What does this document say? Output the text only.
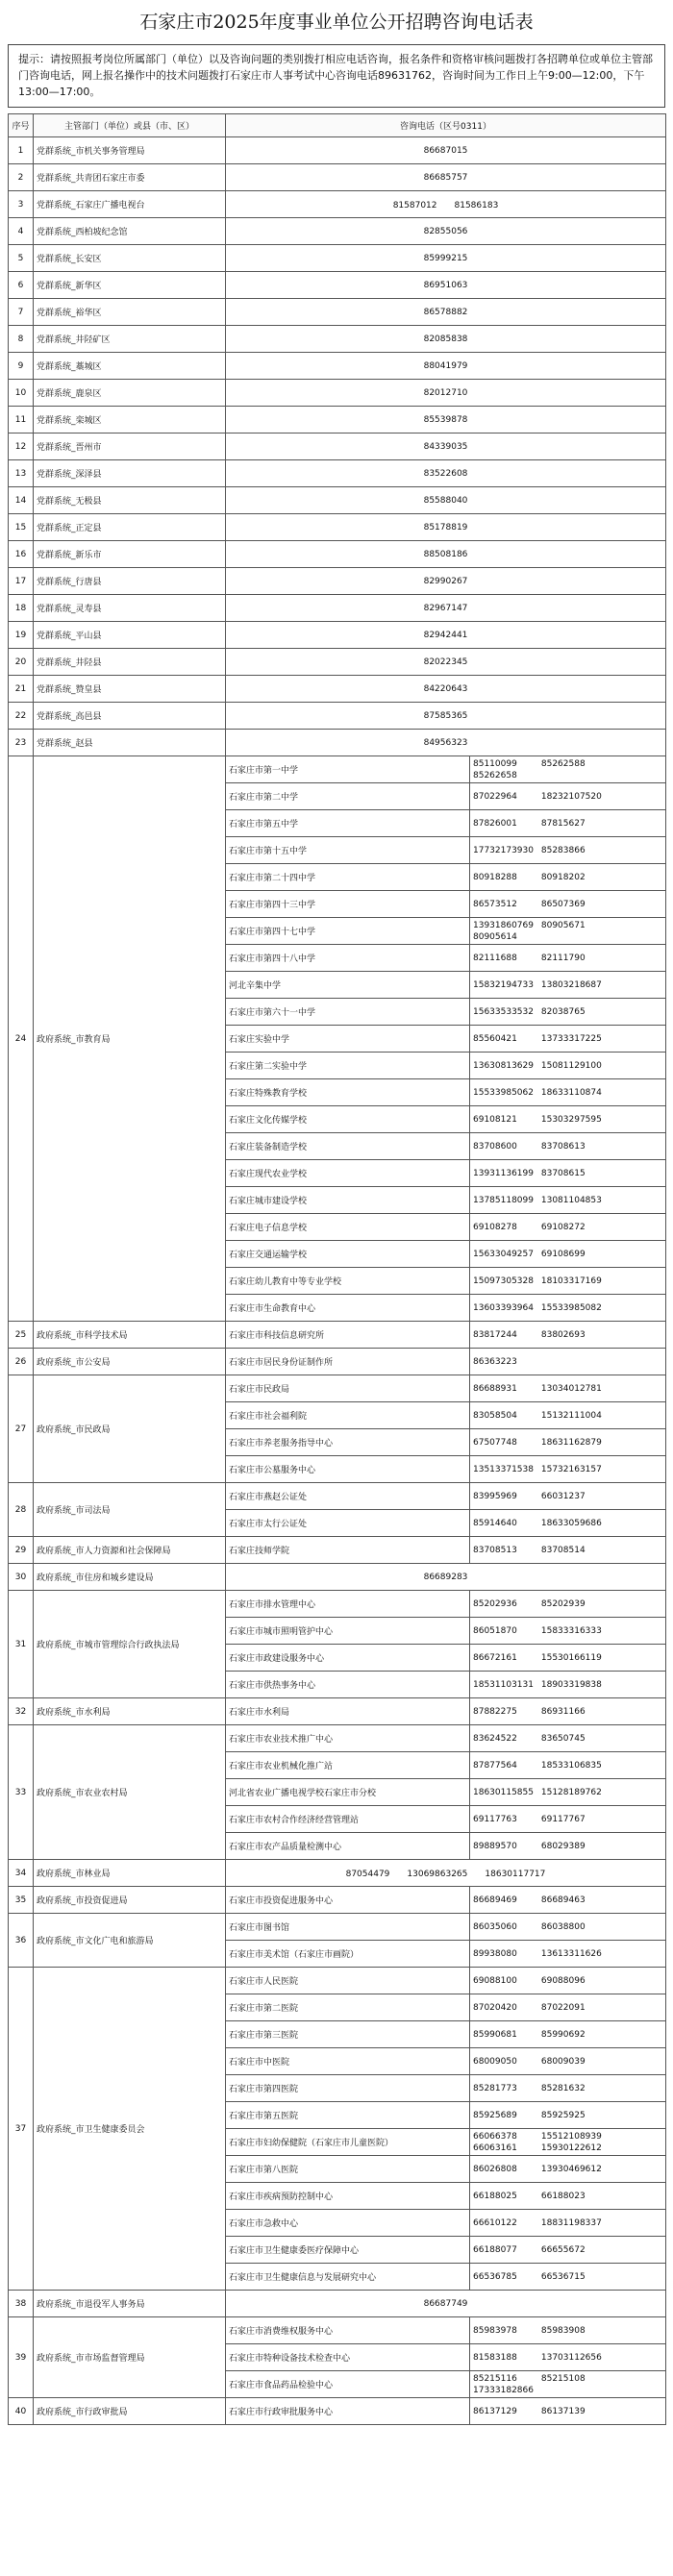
石家庄市2025年度事业单位公开招聘咨询电话表
提示：请按照报考岗位所属部门（单位）以及咨询问题的类别拨打相应电话咨询，报名条件和资格审核问题拨打各招聘单位或单位主管部门咨询电话，网上报名操作中的技术问题拨打石家庄市人事考试中心咨询电话89631762，咨询时间为工作日上午9:00—12:00，下午13:00—17:00。
序号	主管部门（单位）或县（市、区）	咨询电话（区号0311）	
1	党群系统_市机关事务管理局	86687015	
2	党群系统_共青团石家庄市委	86685757	
3	党群系统_石家庄广播电视台	81587012　　81586183	
4	党群系统_西柏坡纪念馆	82855056	
5	党群系统_长安区	85999215	
6	党群系统_新华区	86951063	
7	党群系统_裕华区	86578882	
8	党群系统_井陉矿区	82085838	
9	党群系统_藁城区	88041979	
10	党群系统_鹿泉区	82012710	
11	党群系统_栾城区	85539878	
12	党群系统_晋州市	84339035	
13	党群系统_深泽县	83522608	
14	党群系统_无极县	85588040	
15	党群系统_正定县	85178819	
16	党群系统_新乐市	88508186	
17	党群系统_行唐县	82990267	
18	党群系统_灵寿县	82967147	
19	党群系统_平山县	82942441	
20	党群系统_井陉县	82022345	
21	党群系统_赞皇县	84220643	
22	党群系统_高邑县	87585365	
23	党群系统_赵县	84956323	
24	政府系统_市教育局	石家庄市第一中学	85110099 85262588
85262658
		石家庄市第二中学	87022964 18232107520
		石家庄市第五中学	87826001 87815627
		石家庄市第十五中学	17732173930 85283866
		石家庄市第二十四中学	80918288 80918202
		石家庄市第四十三中学	86573512 86507369
		石家庄市第四十七中学	13931860769 80905671
80905614
		石家庄市第四十八中学	82111688 82111790
		河北辛集中学	15832194733 13803218687
		石家庄市第六十一中学	15633533532 82038765
		石家庄实验中学	85560421 13733317225
		石家庄第二实验中学	13630813629 15081129100
		石家庄特殊教育学校	15533985062 18633110874
		石家庄文化传媒学校	69108121 15303297595
		石家庄装备制造学校	83708600 83708613
		石家庄现代农业学校	13931136199 83708615
		石家庄城市建设学校	13785118099 13081104853
		石家庄电子信息学校	69108278 69108272
		石家庄交通运输学校	15633049257 69108699
		石家庄幼儿教育中等专业学校	15097305328 18103317169
		石家庄市生命教育中心	13603393964 15533985082
25	政府系统_市科学技术局	石家庄市科技信息研究所	83817244 83802693
26	政府系统_市公安局	石家庄市居民身份证制作所	86363223
27	政府系统_市民政局	石家庄市民政局	86688931 13034012781
		石家庄市社会福利院	83058504 15132111004
		石家庄市养老服务指导中心	67507748 18631162879
		石家庄市公墓服务中心	13513371538 15732163157
28	政府系统_市司法局	石家庄市燕赵公证处	83995969 66031237
		石家庄市太行公证处	85914640 18633059686
29	政府系统_市人力资源和社会保障局	石家庄技师学院	83708513 83708514
30	政府系统_市住房和城乡建设局	86689283	
31	政府系统_市城市管理综合行政执法局	石家庄市排水管理中心	85202936 85202939
		石家庄市城市照明管护中心	86051870 15833316333
		石家庄市政建设服务中心	86672161 15530166119
		石家庄市供热事务中心	18531103131 18903319838
32	政府系统_市水利局	石家庄市水利局	87882275 86931166
33	政府系统_市农业农村局	石家庄市农业技术推广中心	83624522 83650745
		石家庄市农业机械化推广站	87877564 18533106835
		河北省农业广播电视学校石家庄市分校	18630115855 15128189762
		石家庄市农村合作经济经营管理站	69117763 69117767
		石家庄市农产品质量检测中心	89889570 68029389
34	政府系统_市林业局	87054479　　13069863265　　18630117717	
35	政府系统_市投资促进局	石家庄市投资促进服务中心	86689469 86689463
36	政府系统_市文化广电和旅游局	石家庄市图书馆	86035060 86038800
		石家庄市美术馆（石家庄市画院）	89938080 13613311626
37	政府系统_市卫生健康委员会	石家庄市人民医院	69088100 69088096
		石家庄市第二医院	87020420 87022091
		石家庄市第三医院	85990681 85990692
		石家庄市中医院	68009050 68009039
		石家庄市第四医院	85281773 85281632
		石家庄市第五医院	85925689 85925925
		石家庄市妇幼保健院（石家庄市儿童医院）	66066378 15512108939
66063161 15930122612
		石家庄市第八医院	86026808 13930469612
		石家庄市疾病预防控制中心	66188025 66188023
		石家庄市急救中心	66610122 18831198337
		石家庄市卫生健康委医疗保障中心	66188077 66655672
		石家庄市卫生健康信息与发展研究中心	66536785 66536715
38	政府系统_市退役军人事务局	86687749	
39	政府系统_市市场监督管理局	石家庄市消费维权服务中心	85983978 85983908
		石家庄市特种设备技术检查中心	81583188 13703112656
		石家庄市食品药品检验中心	85215116 85215108
17333182866
40	政府系统_市行政审批局	石家庄市行政审批服务中心	86137129 86137139
